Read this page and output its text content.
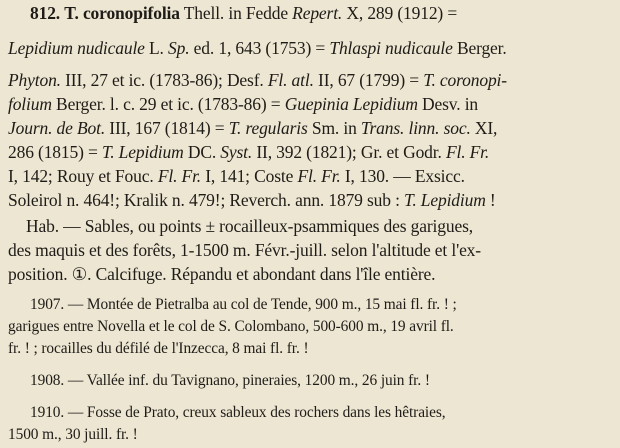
812. T. coronopifolia Thell. in Fedde Repert. X, 289 (1912) =
Lepidium nudicaule L. Sp. ed. 1, 643 (1753) = Thlaspi nudicaule Berger.
Phyton. III, 27 et ic. (1783-86); Desf. Fl. atl. II, 67 (1799) = T. coronopi-
folium Berger. l. c. 29 et ic. (1783-86) = Guepinia Lepidium Desv. in
Journ. de Bot. III, 167 (1814) = T. regularis Sm. in Trans. linn. soc. XI,
286 (1815) = T. Lepidium DC. Syst. II, 392 (1821); Gr. et Godr. Fl. Fr.
I, 142; Rouy et Fouc. Fl. Fr. I, 141; Coste Fl. Fr. I, 130. — Exsicc.
Soleirol n. 464!; Kralik n. 479!; Reverch. ann. 1879 sub : T. Lepidium !
Hab. — Sables, ou points ± rocailleux-psammiques des garigues,
des maquis et des forêts, 1-1500 m. Févr.-juill. selon l'altitude et l'ex-
position. ①. Calcifuge. Répandu et abondant dans l'île entière.
1907. — Montée de Pietralba au col de Tende, 900 m., 15 mai fl. fr. ! ;
garigues entre Novella et le col de S. Colombano, 500-600 m., 19 avril fl.
fr. ! ; rocailles du défilé de l'Inzecca, 8 mai fl. fr. !
1908. — Vallée inf. du Tavignano, pineraies, 1200 m., 26 juin fr. !
1910. — Fosse de Prato, creux sableux des rochers dans les hêtraies,
1500 m., 30 juill. fr. !
